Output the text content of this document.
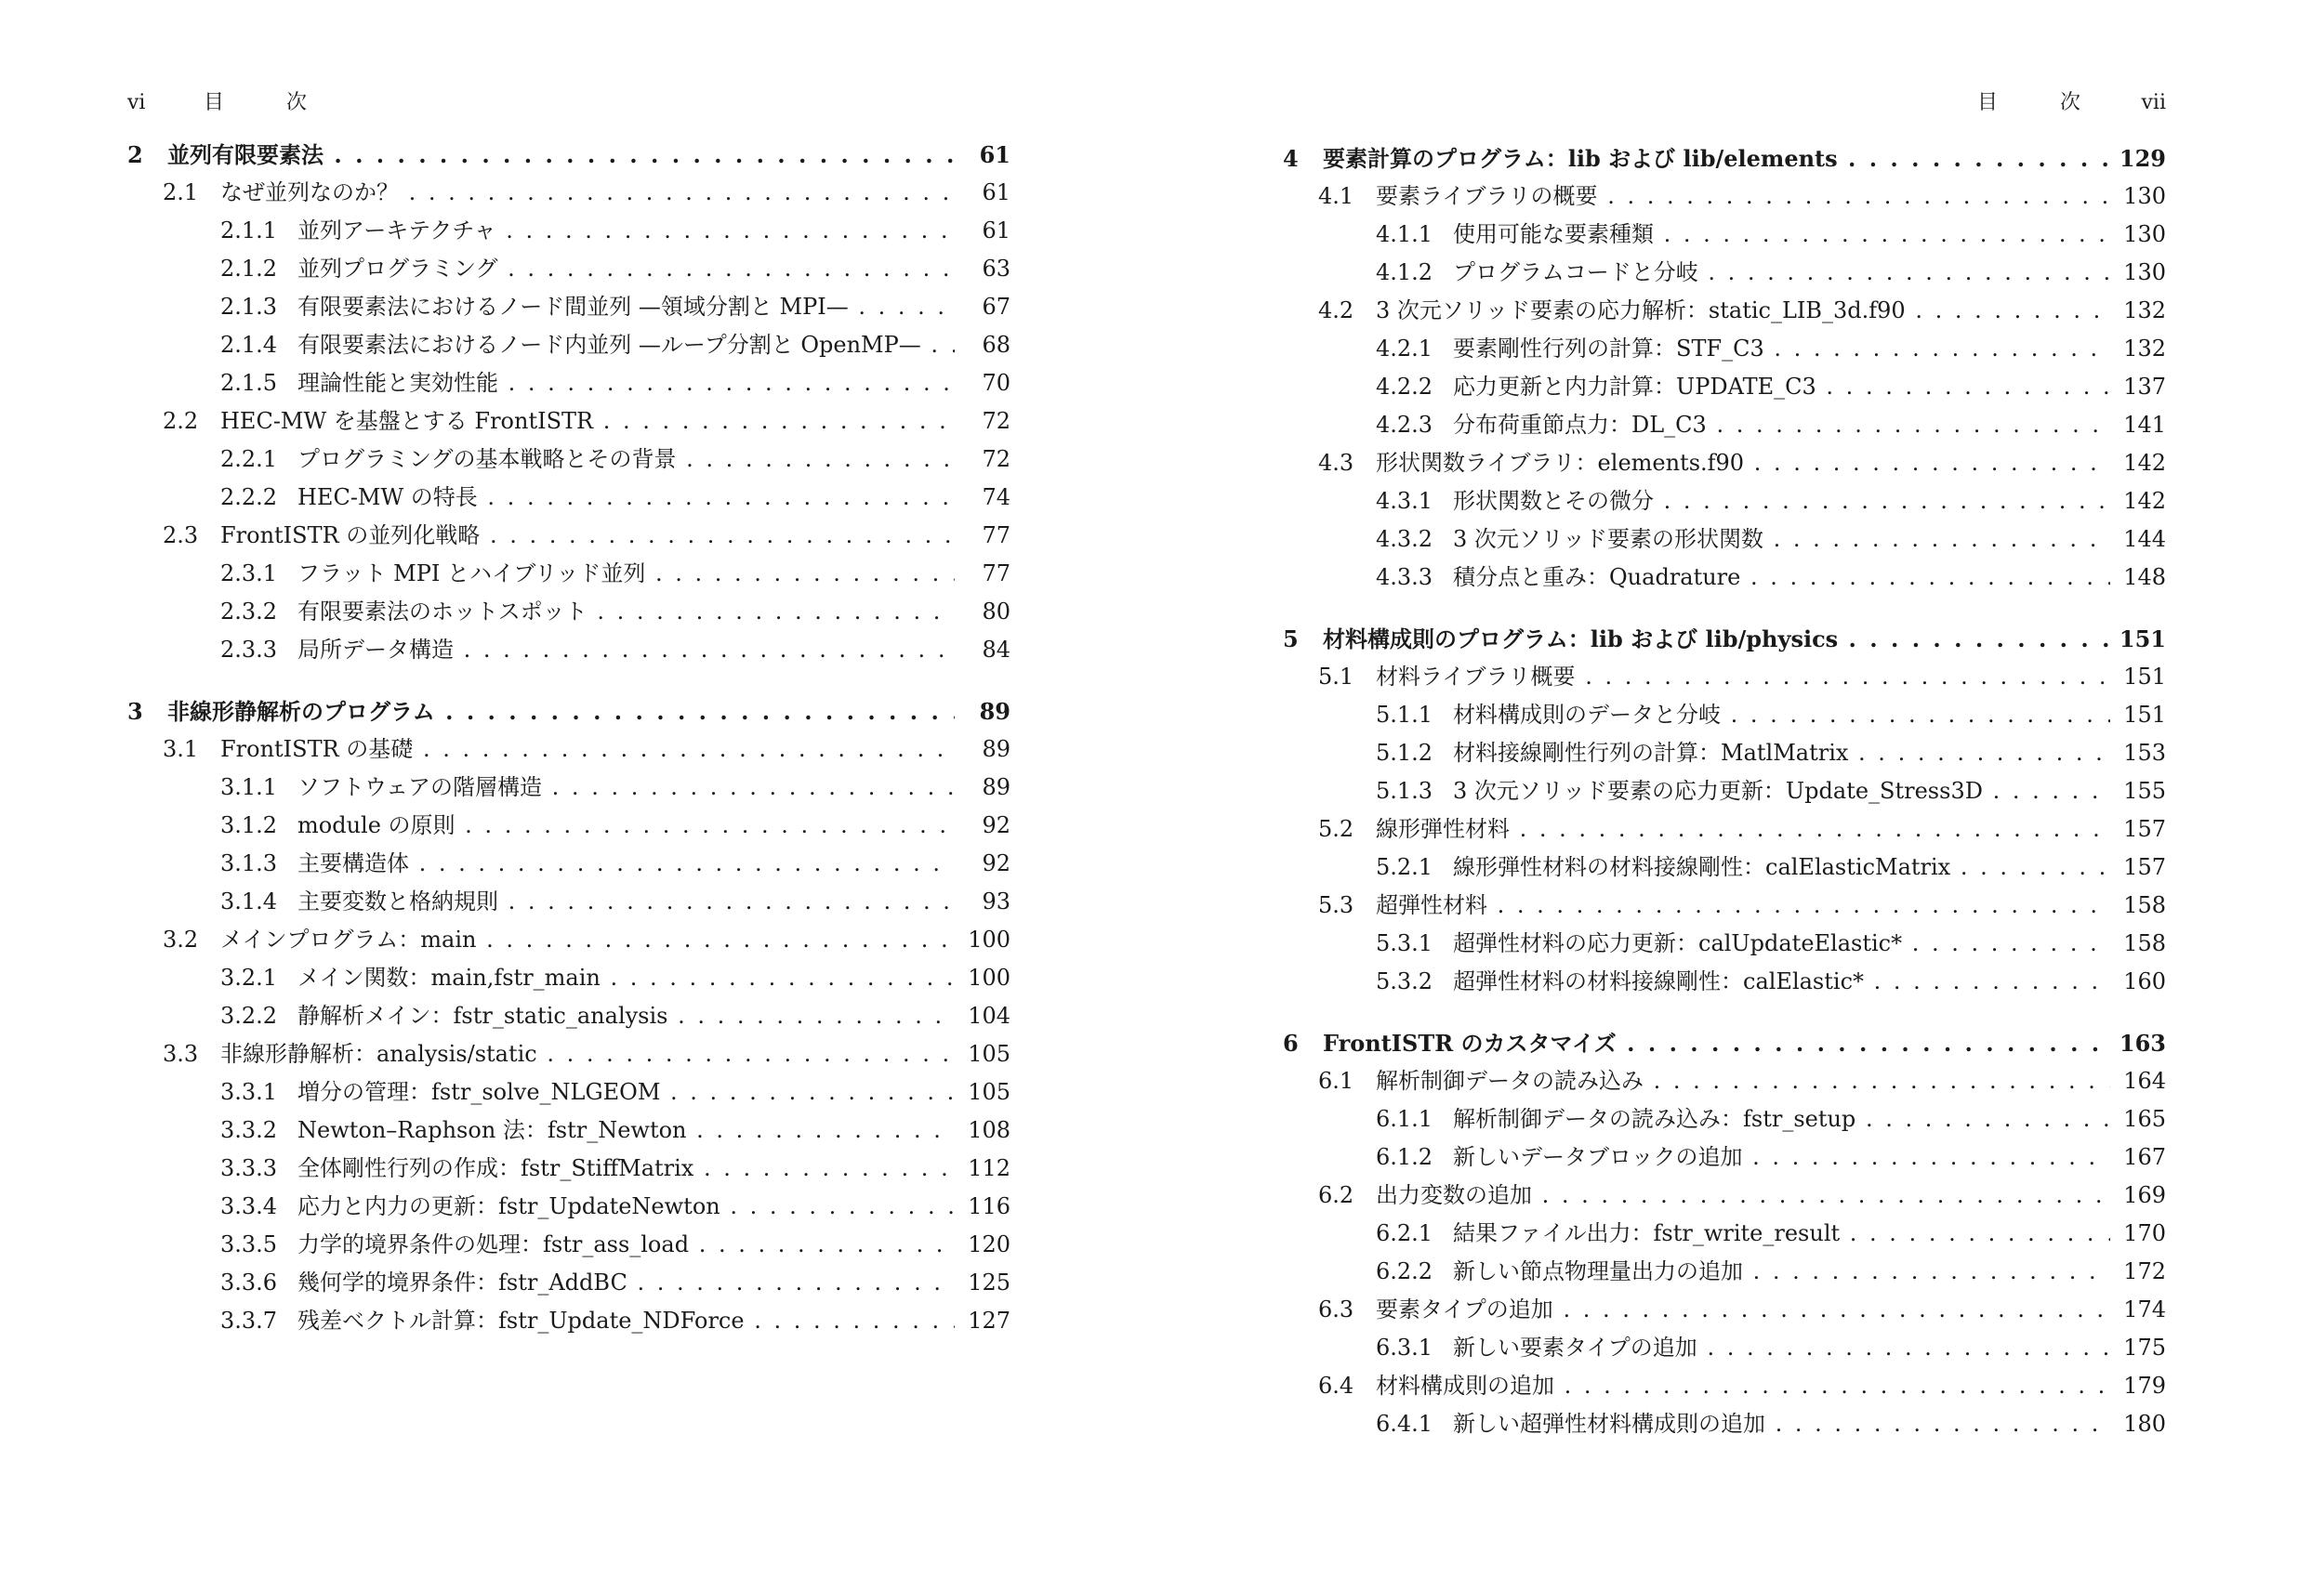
vi	目 次
2 並列有限要素法 . . .	61
2.1 なぜ並列なのか？ . . .	61
2.1.1 並列アーキテクチャ . . .	61
2.1.2 並列プログラミング . . .	63
2.1.3 有限要素法におけるノード間並列 —領域分割と MPI— . . .	67
2.1.4 有限要素法におけるノード内並列 —ループ分割と OpenMP— . . .	68
2.1.5 理論性能と実効性能 . . .	70
2.2 HEC-MW を基盤とする FrontISTR . . .	72
2.2.1 プログラミングの基本戦略とその背景 . . .	72
2.2.2 HEC-MW の特長 . . .	74
2.3 FrontISTR の並列化戦略 . . .	77
2.3.1 フラット MPI とハイブリッド並列 . . .	77
2.3.2 有限要素法のホットスポット . . .	80
2.3.3 局所データ構造 . . .	84
3 非線形静解析のプログラム . . .	89
3.1 FrontISTR の基礎 . . .	89
3.1.1 ソフトウェアの階層構造 . . .	89
3.1.2 module の原則 . . .	92
3.1.3 主要構造体 . . .	92
3.1.4 主要変数と格納規則 . . .	93
3.2 メインプログラム：main . . .	100
3.2.1 メイン関数：main,fstr_main . . .	100
3.2.2 静解析メイン：fstr_static_analysis . . .	104
3.3 非線形静解析：analysis/static . . .	105
3.3.1 増分の管理：fstr_solve_NLGEOM . . .	105
3.3.2 Newton–Raphson 法：fstr_Newton . . .	108
3.3.3 全体剛性行列の作成：fstr_StiffMatrix . . .	112
3.3.4 応力と内力の更新：fstr_UpdateNewton . . .	116
3.3.5 力学的境界条件の処理：fstr_ass_load . . .	120
3.3.6 幾何学的境界条件：fstr_AddBC . . .	125
3.3.7 残差ベクトル計算：fstr_Update_NDForce . . .	127
目 次	vii
4 要素計算のプログラム：lib および lib/elements . . .	129
4.1 要素ライブラリの概要 . . .	130
4.1.1 使用可能な要素種類 . . .	130
4.1.2 プログラムコードと分岐 . . .	130
4.2 3 次元ソリッド要素の応力解析：static_LIB_3d.f90 . . .	132
4.2.1 要素剛性行列の計算：STF_C3 . . .	132
4.2.2 応力更新と内力計算：UPDATE_C3 . . .	137
4.2.3 分布荷重節点力：DL_C3 . . .	141
4.3 形状関数ライブラリ：elements.f90 . . .	142
4.3.1 形状関数とその微分 . . .	142
4.3.2 3 次元ソリッド要素の形状関数 . . .	144
4.3.3 積分点と重み：Quadrature . . .	148
5 材料構成則のプログラム：lib および lib/physics . . .	151
5.1 材料ライブラリ概要 . . .	151
5.1.1 材料構成則のデータと分岐 . . .	151
5.1.2 材料接線剛性行列の計算：MatlMatrix . . .	153
5.1.3 3 次元ソリッド要素の応力更新：Update_Stress3D . . .	155
5.2 線形弾性材料 . . .	157
5.2.1 線形弾性材料の材料接線剛性：calElasticMatrix . . .	157
5.3 超弾性材料 . . .	158
5.3.1 超弾性材料の応力更新：calUpdateElastic* . . .	158
5.3.2 超弾性材料の材料接線剛性：calElastic* . . .	160
6 FrontISTR のカスタマイズ . . .	163
6.1 解析制御データの読み込み . . .	164
6.1.1 解析制御データの読み込み：fstr_setup . . .	165
6.1.2 新しいデータブロックの追加 . . .	167
6.2 出力変数の追加 . . .	169
6.2.1 結果ファイル出力：fstr_write_result . . .	170
6.2.2 新しい節点物理量出力の追加 . . .	172
6.3 要素タイプの追加 . . .	174
6.3.1 新しい要素タイプの追加 . . .	175
6.4 材料構成則の追加 . . .	179
6.4.1 新しい超弾性材料構成則の追加 . . .	180
